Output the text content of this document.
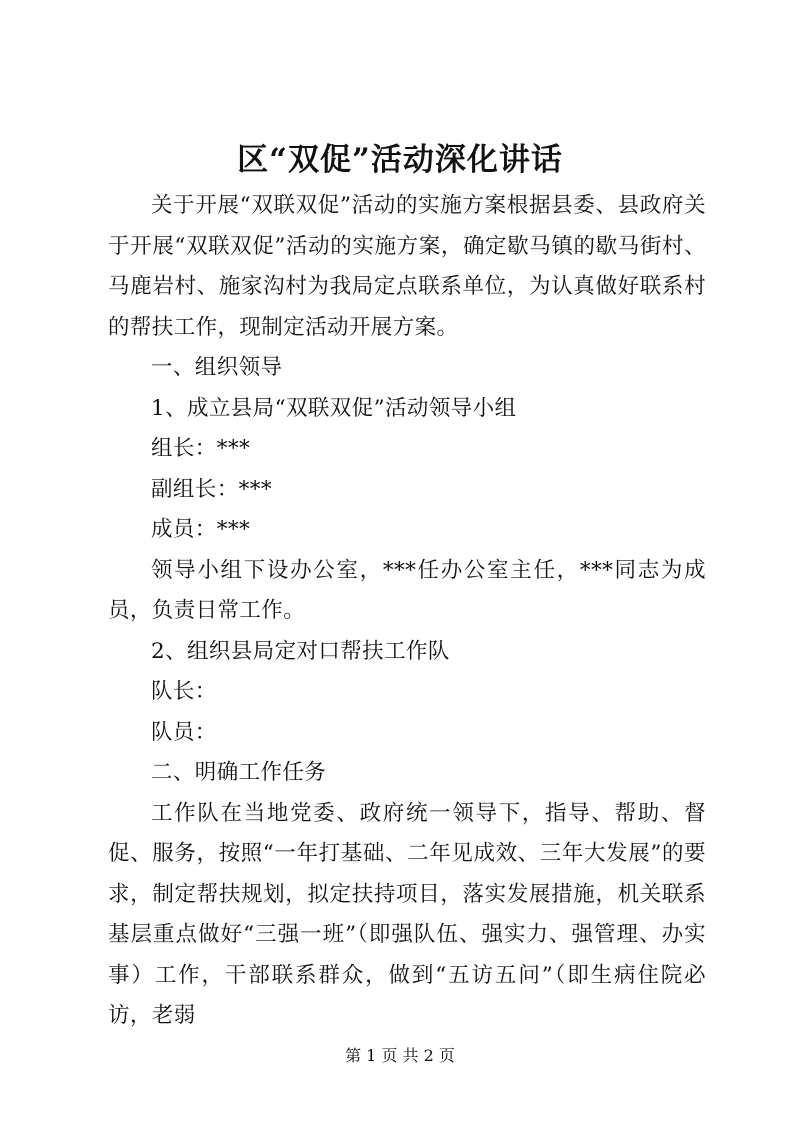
区“双促”活动深化讲话

关于开展“双联双促”活动的实施方案根据县委、县政府关于开展“双联双促”活动的实施方案，确定歇马镇的歇马街村、马鹿岩村、施家沟村为我局定点联系单位，为认真做好联系村的帮扶工作，现制定活动开展方案。

一、组织领导

1、成立县局“双联双促”活动领导小组

组长：***

副组长：***

成员：***

领导小组下设办公室，***任办公室主任，***同志为成员，负责日常工作。

2、组织县局定对口帮扶工作队

队长：

队员：

二、明确工作任务

工作队在当地党委、政府统一领导下，指导、帮助、督促、服务，按照“一年打基础、二年见成效、三年大发展”的要求，制定帮扶规划，拟定扶持项目，落实发展措施，机关联系基层重点做好“三强一班”（即强队伍、强实力、强管理、办实事）工作，干部联系群众，做到“五访五问”（即生病住院必访，老弱

第 1 页 共 2 页
